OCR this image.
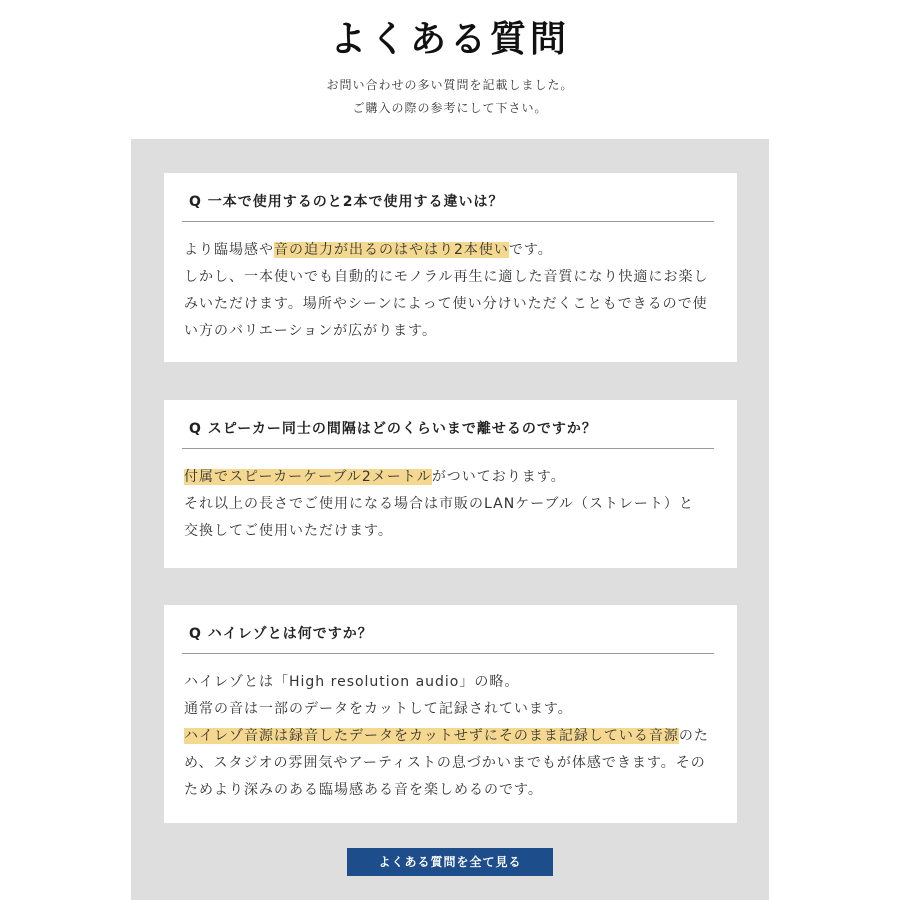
よくある質問
お問い合わせの多い質問を記載しました。
ご購入の際の参考にして下さい。
Q 一本で使用するのと2本で使用する違いは？
より臨場感や音の迫力が出るのはやはり2本使いです。
しかし、一本使いでも自動的にモノラル再生に適した音質になり快適にお楽し
みいただけます。場所やシーンによって使い分けいただくこともできるので使
い方のバリエーションが広がります。
Q スピーカー同士の間隔はどのくらいまで離せるのですか？
付属でスピーカーケーブル2メートルがついております。
それ以上の長さでご使用になる場合は市販のLANケーブル（ストレート）と
交換してご使用いただけます。
Q ハイレゾとは何ですか？
ハイレゾとは「High resolution audio」の略。
通常の音は一部のデータをカットして記録されています。
ハイレゾ音源は録音したデータをカットせずにそのまま記録している音源のた
め、スタジオの雰囲気やアーティストの息づかいまでもが体感できます。その
ためより深みのある臨場感ある音を楽しめるのです。
よくある質問を全て見る
